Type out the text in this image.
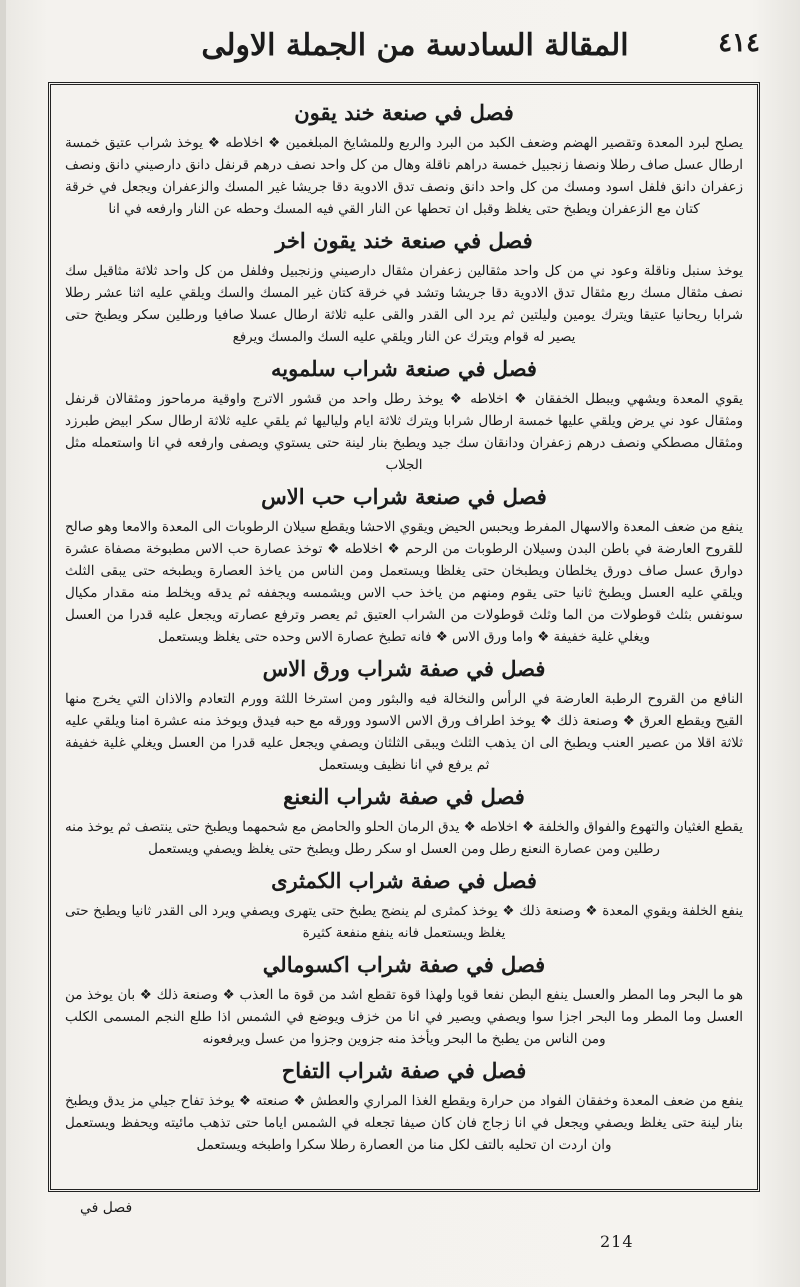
٤١٤
المقالة السادسة من الجملة الاولى
فصل في صنعة خند يقون

يصلح لبرد المعدة وتقصير الهضم وضعف الكبد من البرد والربع وللمشايخ المبلغمين ❖ اخلاطه ❖ يوخذ شراب عتيق خمسة ارطال عسل صاف رطلا ونصفا زنجبيل خمسة دراهم ناقلة وهال من كل واحد نصف درهم قرنفل دانق دارصيني دانق ونصف زعفران دانق فلفل اسود ومسك من كل واحد دانق ونصف تدق الادوية دقا جريشا غير المسك والزعفران ويجعل في خرقة كتان مع الزعفران ويطبخ حتى يغلظ وقبل ان تحطها عن النار القي فيه المسك وحطه عن النار وارفعه في انا

فصل في صنعة خند يقون اخر

يوخذ سنبل وناقلة وعود ني من كل واحد مثقالين زعفران مثقال دارصيني وزنجبيل وفلفل من كل واحد ثلاثة مثاقيل سك نصف مثقال مسك ربع مثقال تدق الادوية دقا جريشا وتشد في خرقة كتان غير المسك والسك ويلقي عليه اثنا عشر رطلا شرابا ريحانيا عتيقا ويترك يومين وليلتين ثم يرد الى القدر والقى عليه ثلاثة ارطال عسلا صافيا ورطلين سكر ويطبخ حتى يصير له قوام ويترك عن النار ويلقي عليه السك والمسك ويرفع

فصل في صنعة شراب سلمويه

يقوي المعدة ويشهي ويبطل الخفقان ❖ اخلاطه ❖ يوخذ رطل واحد من قشور الاترج واوقية مرماحوز ومثقالان قرنفل ومثقال عود ني يرض ويلقي عليها خمسة ارطال شرابا ويترك ثلاثة ايام ولياليها ثم يلقي عليه ثلاثة ارطال سكر ابيض طبرزد ومثقال مصطكي ونصف درهم زعفران ودانقان سك جيد ويطبخ بنار لينة حتى يستوي ويصفى وارفعه في انا واستعمله مثل الجلاب

فصل في صنعة شراب حب الاس

ينفع من ضعف المعدة والاسهال المفرط ويحبس الحيض ويقوي الاحشا ويقطع سيلان الرطوبات الى المعدة والامعا وهو صالح للقروح العارضة في باطن البدن وسيلان الرطوبات من الرحم ❖ اخلاطه ❖ توخذ عصارة حب الاس مطبوخة مصفاة عشرة دوارق عسل صاف دورق يخلطان ويطبخان حتى يغلظا ويستعمل ومن الناس من ياخذ العصارة ويطبخه حتى يبقى الثلث ويلقي عليه العسل ويطبخ ثانيا حتى يقوم ومنهم من ياخذ حب الاس ويشمسه ويجففه ثم يدقه ويخلط منه مقدار مكيال سونفس بثلث قوطولات من الما وثلث قوطولات من الشراب العتيق ثم يعصر وترفع عصارته ويجعل عليه قدرا من العسل ويغلي غلية خفيفة ❖ واما ورق الاس ❖ فانه تطبخ عصارة الاس وحده حتى يغلظ ويستعمل

فصل في صفة شراب ورق الاس

النافع من القروح الرطبة العارضة في الرأس والنخالة فيه والبثور ومن استرخا اللثة وورم التعادم والاذان التي يخرج منها القيح ويقطع العرق ❖ وصنعة ذلك ❖ يوخذ اطراف ورق الاس الاسود وورقه مع حبه فيدق ويوخذ منه عشرة امنا ويلقي عليه ثلاثة اقلا من عصير العنب ويطبخ الى ان يذهب الثلث ويبقى الثلثان ويصفي ويجعل عليه قدرا من العسل ويغلي غلية خفيفة ثم يرفع في انا نظيف ويستعمل

فصل في صفة شراب النعنع

يقطع الغثيان والتهوع والفواق والخلفة ❖ اخلاطه ❖ يدق الرمان الحلو والحامض مع شحمهما ويطبخ حتى ينتصف ثم يوخذ منه رطلين ومن عصارة النعنع رطل ومن العسل او سكر رطل ويطبخ حتى يغلظ ويصفي ويستعمل

فصل في صفة شراب الكمثرى

ينفع الخلفة ويقوي المعدة ❖ وصنعة ذلك ❖ يوخذ كمثرى لم ينضج يطبخ حتى يتهرى ويصفي ويرد الى القدر ثانيا ويطبخ حتى يغلظ ويستعمل فانه ينفع منفعة كثيرة

فصل في صفة شراب اكسومالي

هو ما البحر وما المطر والعسل ينفع البطن نفعا قويا ولهذا قوة تقطع اشد من قوة ما العذب ❖ وصنعة ذلك ❖ بان يوخذ من العسل وما المطر وما البحر اجزا سوا ويصفي ويصير في انا من خزف ويوضع في الشمس اذا طلع النجم المسمى الكلب ومن الناس من يطبخ ما البحر ويأخذ منه جزوين وجزوا من عسل ويرفعونه

فصل في صفة شراب التفاح

ينفع من ضعف المعدة وخفقان الفواد من حرارة ويقطع الغذا المراري والعطش ❖ صنعته ❖ يوخذ تفاح جيلي مز يدق ويطبخ بنار لينة حتى يغلظ ويصفي ويجعل في انا زجاج فان كان صيفا تجعله في الشمس اياما حتى تذهب مائيته ويحفظ ويستعمل وان اردت ان تحليه بالتف لكل منا من العصارة رطلا سكرا واطبخه ويستعمل

فصل في
214
